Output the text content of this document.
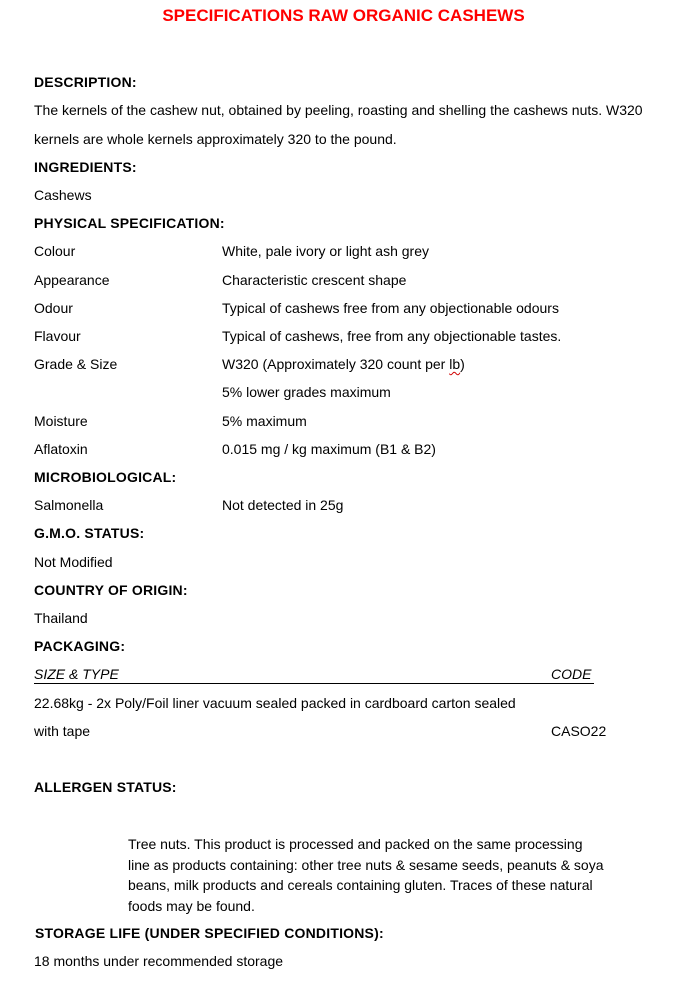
SPECIFICATIONS RAW ORGANIC CASHEWS
DESCRIPTION:
The kernels of the cashew nut, obtained by peeling, roasting and shelling the cashews nuts. W320
kernels are whole kernels approximately 320 to the pound.
INGREDIENTS:
Cashews
PHYSICAL SPECIFICATION:
Colour	White, pale ivory or light ash grey
Appearance	Characteristic crescent shape
Odour	Typical of cashews free from any objectionable odours
Flavour	Typical of cashews, free from any objectionable tastes.
Grade & Size	W320 (Approximately 320 count per lb)
5% lower grades maximum
Moisture	5% maximum
Aflatoxin	0.015 mg / kg maximum (B1 & B2)
MICROBIOLOGICAL:
Salmonella	Not detected in 25g
G.M.O. STATUS:
Not Modified
COUNTRY OF ORIGIN:
Thailand
PACKAGING:
SIZE & TYPE	CODE
22.68kg - 2x Poly/Foil liner vacuum sealed packed in cardboard carton sealed
with tape	CASO22
ALLERGEN STATUS:
Tree nuts. This product is processed and packed on the same processing line as products containing: other tree nuts & sesame seeds, peanuts & soya beans, milk products and cereals containing gluten. Traces of these natural foods may be found.
STORAGE LIFE (UNDER SPECIFIED CONDITIONS):
18 months under recommended storage
